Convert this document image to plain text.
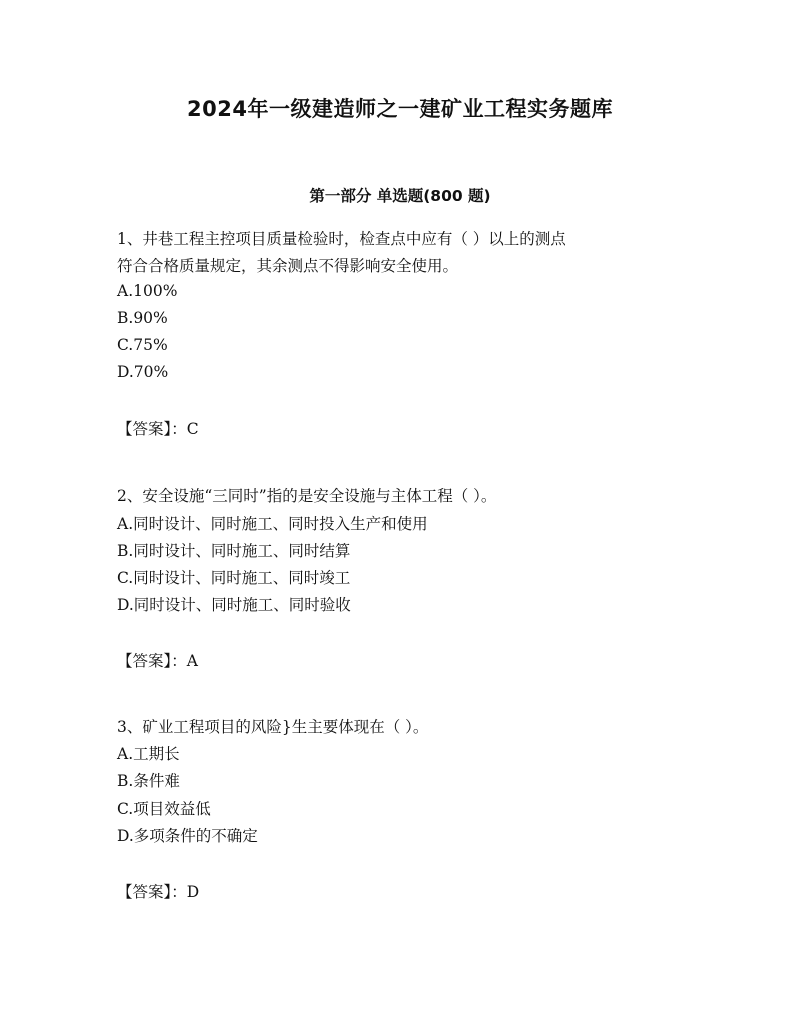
2024年一级建造师之一建矿业工程实务题库
第一部分 单选题(800 题)
1、井巷工程主控项目质量检验时，检查点中应有（ ）以上的测点
符合合格质量规定，其余测点不得影响安全使用。
A.100%
B.90%
C.75%
D.70%
【答案】：C
2、安全设施“三同时”指的是安全设施与主体工程（ ）。
A.同时设计、同时施工、同时投入生产和使用
B.同时设计、同时施工、同时结算
C.同时设计、同时施工、同时竣工
D.同时设计、同时施工、同时验收
【答案】：A
3、矿业工程项目的风险}生主要体现在（ ）。
A.工期长
B.条件难
C.项目效益低
D.多项条件的不确定
【答案】：D
